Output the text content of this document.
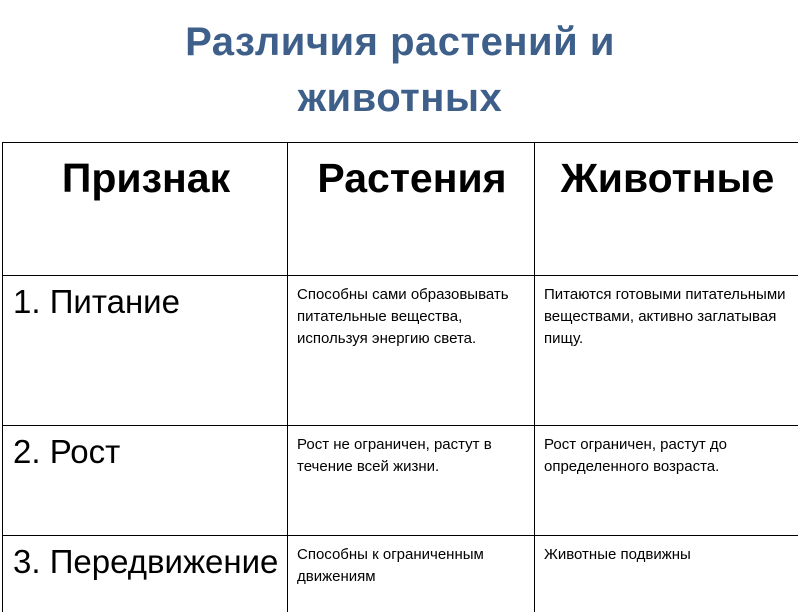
Различия растений и
животных
Признак	Растения	Животные
1. Питание	Способны сами образовывать питательные вещества, используя энергию света.	Питаются готовыми питательными веществами, активно заглатывая пищу.
2. Рост	Рост не ограничен, растут в течение всей жизни.	Рост ограничен, растут до определенного возраста.
3. Передвижение	Способны к ограниченным движениям	Животные подвижны
